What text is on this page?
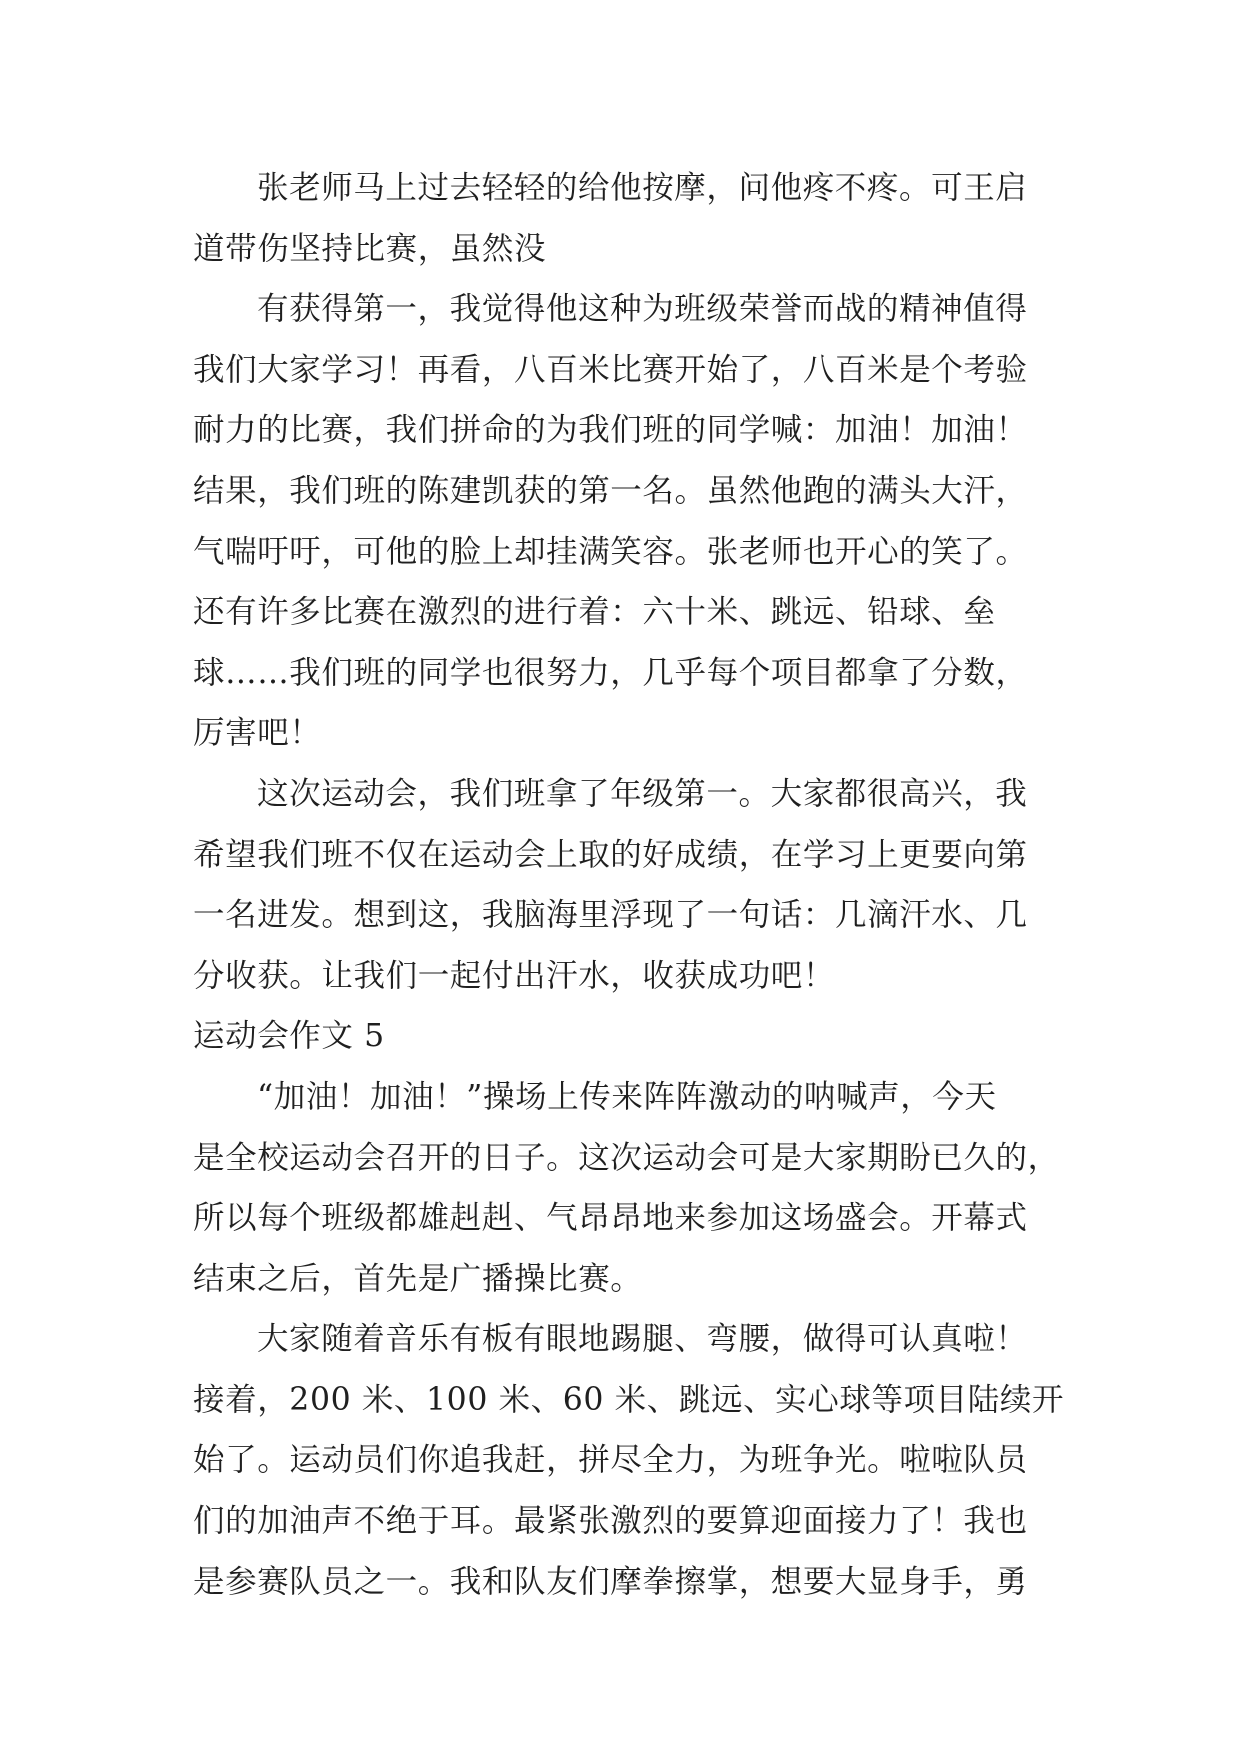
张老师马上过去轻轻的给他按摩，问他疼不疼。可王启
道带伤坚持比赛，虽然没
有获得第一，我觉得他这种为班级荣誉而战的精神值得
我们大家学习！再看，八百米比赛开始了，八百米是个考验
耐力的比赛，我们拼命的为我们班的同学喊：加油！加油！
结果，我们班的陈建凯获的第一名。虽然他跑的满头大汗，
气喘吁吁，可他的脸上却挂满笑容。张老师也开心的笑了。
还有许多比赛在激烈的进行着：六十米、跳远、铅球、垒
球……我们班的同学也很努力，几乎每个项目都拿了分数，
厉害吧！
这次运动会，我们班拿了年级第一。大家都很高兴，我
希望我们班不仅在运动会上取的好成绩，在学习上更要向第
一名进发。想到这，我脑海里浮现了一句话：几滴汗水、几
分收获。让我们一起付出汗水，收获成功吧！
运动会作文 5
“加油！加油！”操场上传来阵阵激动的呐喊声，今天
是全校运动会召开的日子。这次运动会可是大家期盼已久的，
所以每个班级都雄赳赳、气昂昂地来参加这场盛会。开幕式
结束之后，首先是广播操比赛。
大家随着音乐有板有眼地踢腿、弯腰，做得可认真啦！
接着，200 米、100 米、60 米、跳远、实心球等项目陆续开
始了。运动员们你追我赶，拼尽全力，为班争光。啦啦队员
们的加油声不绝于耳。最紧张激烈的要算迎面接力了！我也
是参赛队员之一。我和队友们摩拳擦掌，想要大显身手，勇
